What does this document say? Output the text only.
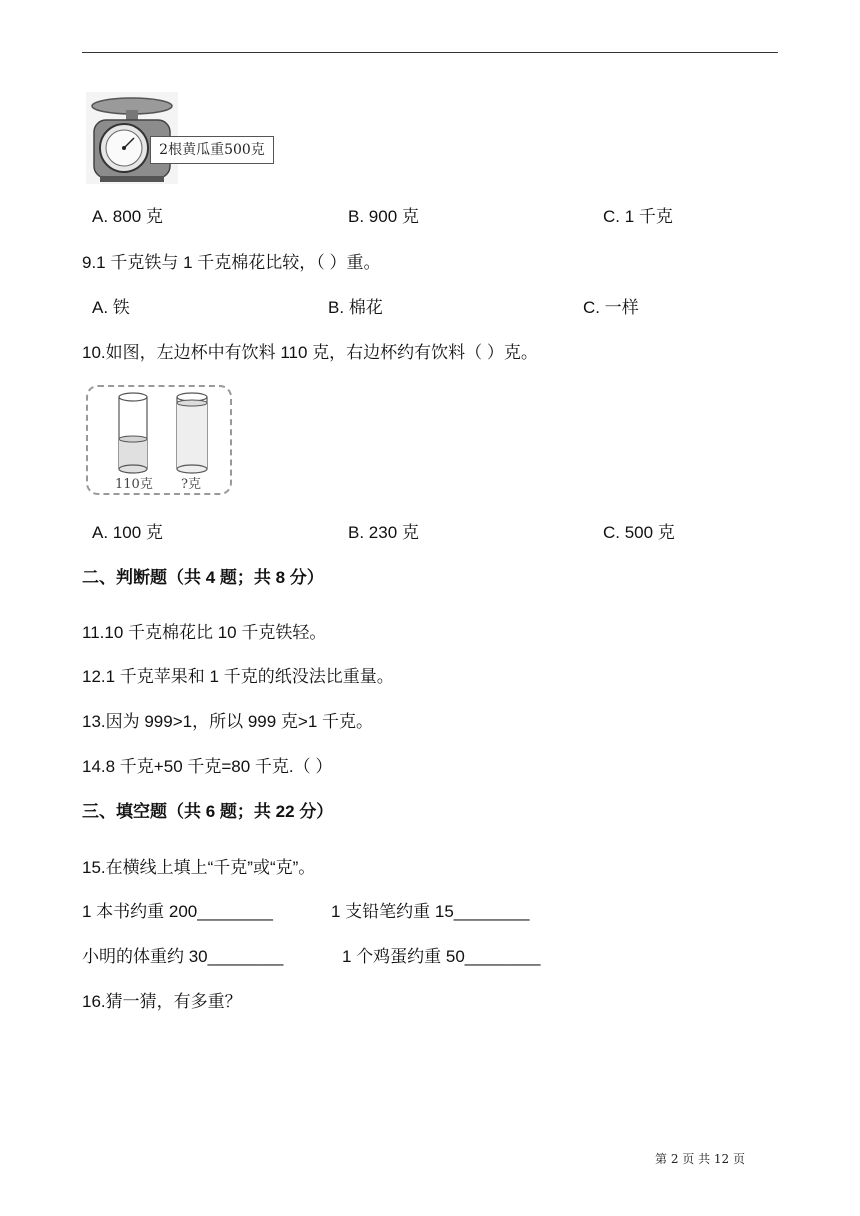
2根黄瓜重500克
A. 800 克	B. 900 克	C. 1 千克
9.1 千克铁与 1 千克棉花比较，（ ）重。
A. 铁	B. 棉花	C. 一样
10.如图，左边杯中有饮料 110 克，右边杯约有饮料（ ）克。
110克 ?克
A. 100 克	B. 230 克	C. 500 克
二、判断题（共 4 题；共 8 分）
11.10 千克棉花比 10 千克铁轻。
12.1 千克苹果和 1 千克的纸没法比重量。
13.因为 999>1，所以 999 克>1 千克。
14.8 千克+50 千克=80 千克.（ ）
三、填空题（共 6 题；共 22 分）
15.在横线上填上“千克”或“克”。
1 本书约重 200________	1 支铅笔约重 15________
小明的体重约 30________	1 个鸡蛋约重 50________
16.猜一猜，有多重？
第 2 页 共 12 页
